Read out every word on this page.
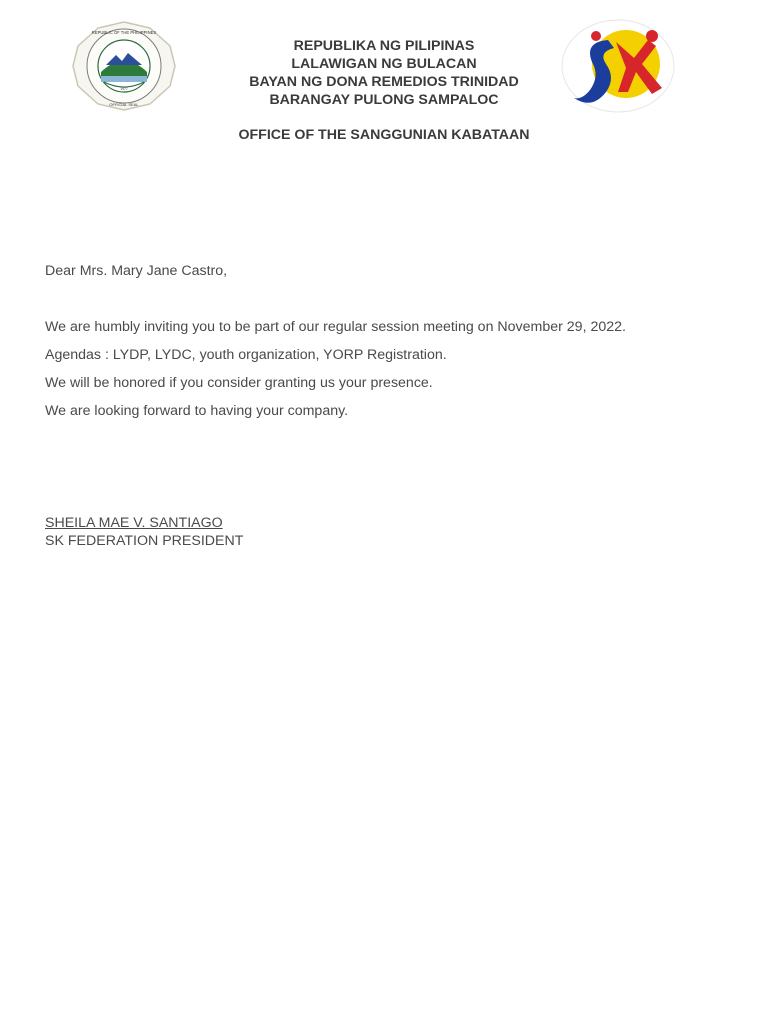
REPUBLIC OF THE PHILIPPINES
OFFICIAL SEAL
1977
REPUBLIKA NG PILIPINAS
LALAWIGAN NG BULACAN
BAYAN NG DONA REMEDIOS TRINIDAD
BARANGAY PULONG SAMPALOC
OFFICE OF THE SANGGUNIAN KABATAAN
Dear Mrs. Mary Jane Castro,
We are humbly inviting you to be part of our regular session meeting on November 29, 2022.
Agendas : LYDP, LYDC, youth organization, YORP Registration.
We will be honored if you consider granting us your presence.
We are looking forward to having your company.
SHEILA MAE V. SANTIAGO
SK FEDERATION PRESIDENT
